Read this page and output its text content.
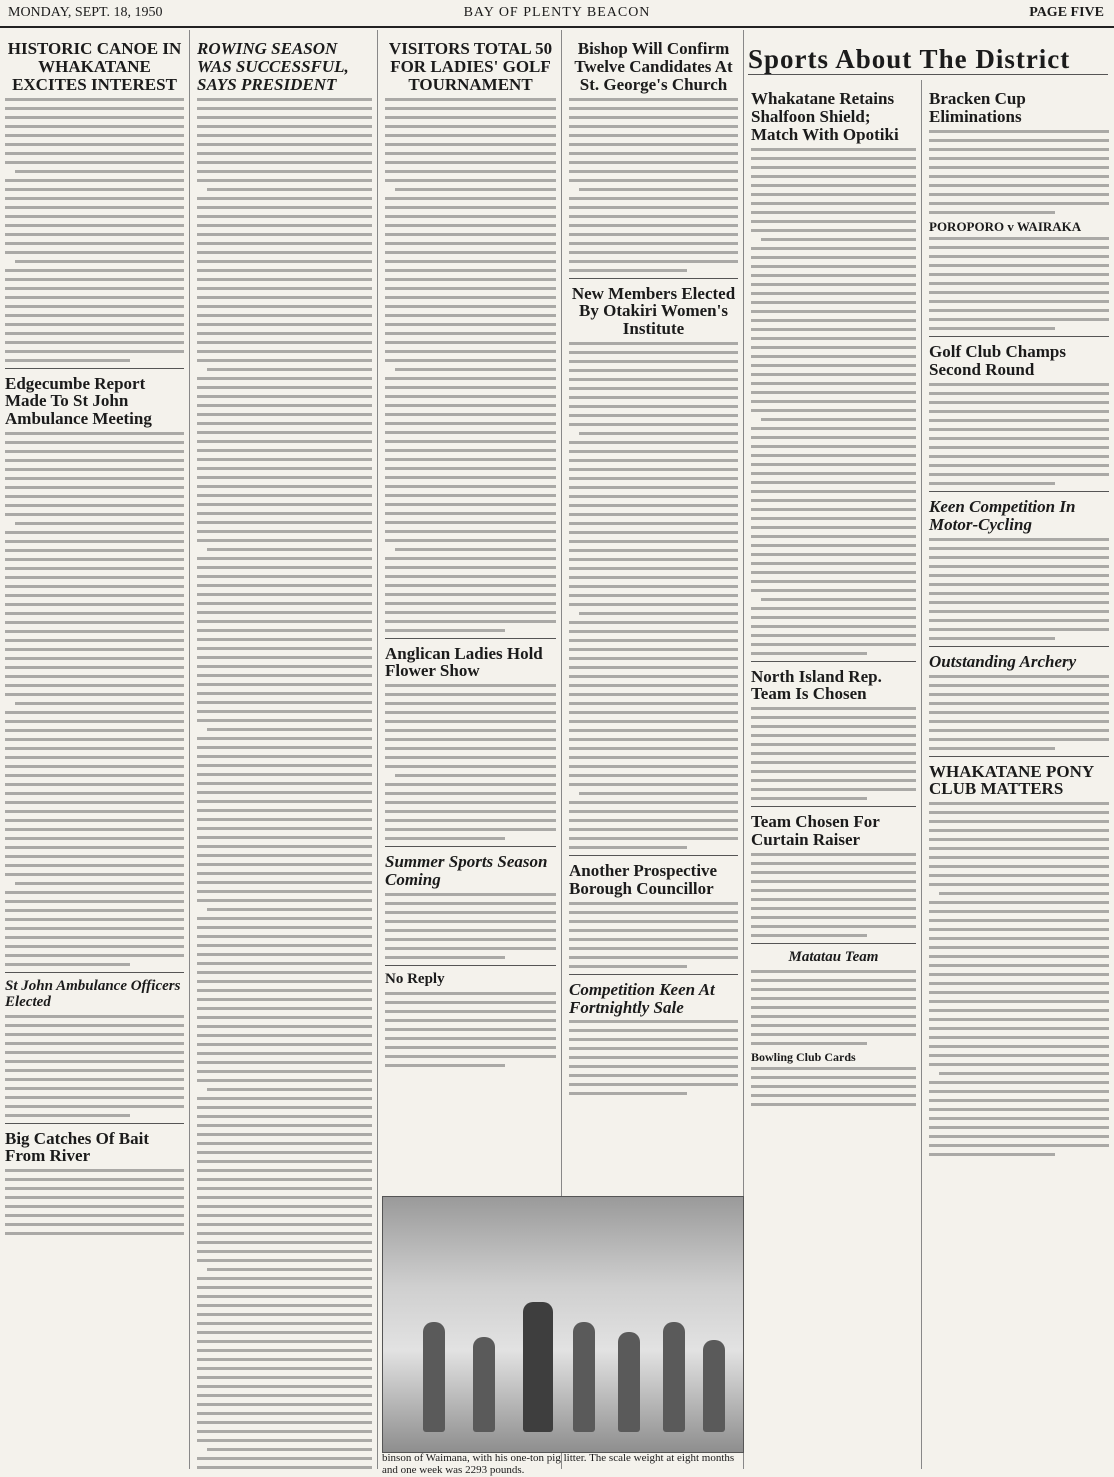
MONDAY, SEPT. 18, 1950	BAY OF PLENTY BEACON	PAGE FIVE
HISTORIC CANOE IN WHAKATANE EXCITES INTEREST
Edgecumbe Report Made To St John Ambulance Meeting
St John Ambulance Officers Elected
Big Catches Of Bait From River
ROWING SEASON WAS SUCCESSFUL, SAYS PRESIDENT
VISITORS TOTAL 50 FOR LADIES' GOLF TOURNAMENT
Anglican Ladies Hold Flower Show
Summer Sports Season Coming
No Reply
Bishop Will Confirm Twelve Candidates At St. George's Church
New Members Elected By Otakiri Women's Institute
Another Prospective Borough Councillor
Competition Keen At Fortnightly Sale
Sports About The District
Whakatane Retains Shalfoon Shield; Match With Opotiki
North Island Rep. Team Is Chosen
Team Chosen For Curtain Raiser
Matatau Team
Bowling Club Cards
Bracken Cup Eliminations
POROPORO v WAIRAKA
Golf Club Champs Second Round
Keen Competition In Motor-Cycling
Outstanding Archery
WHAKATANE PONY CLUB MATTERS
binson of Waimana, with his one-ton pig litter. The scale weight at eight months and one week was 2293 pounds.
